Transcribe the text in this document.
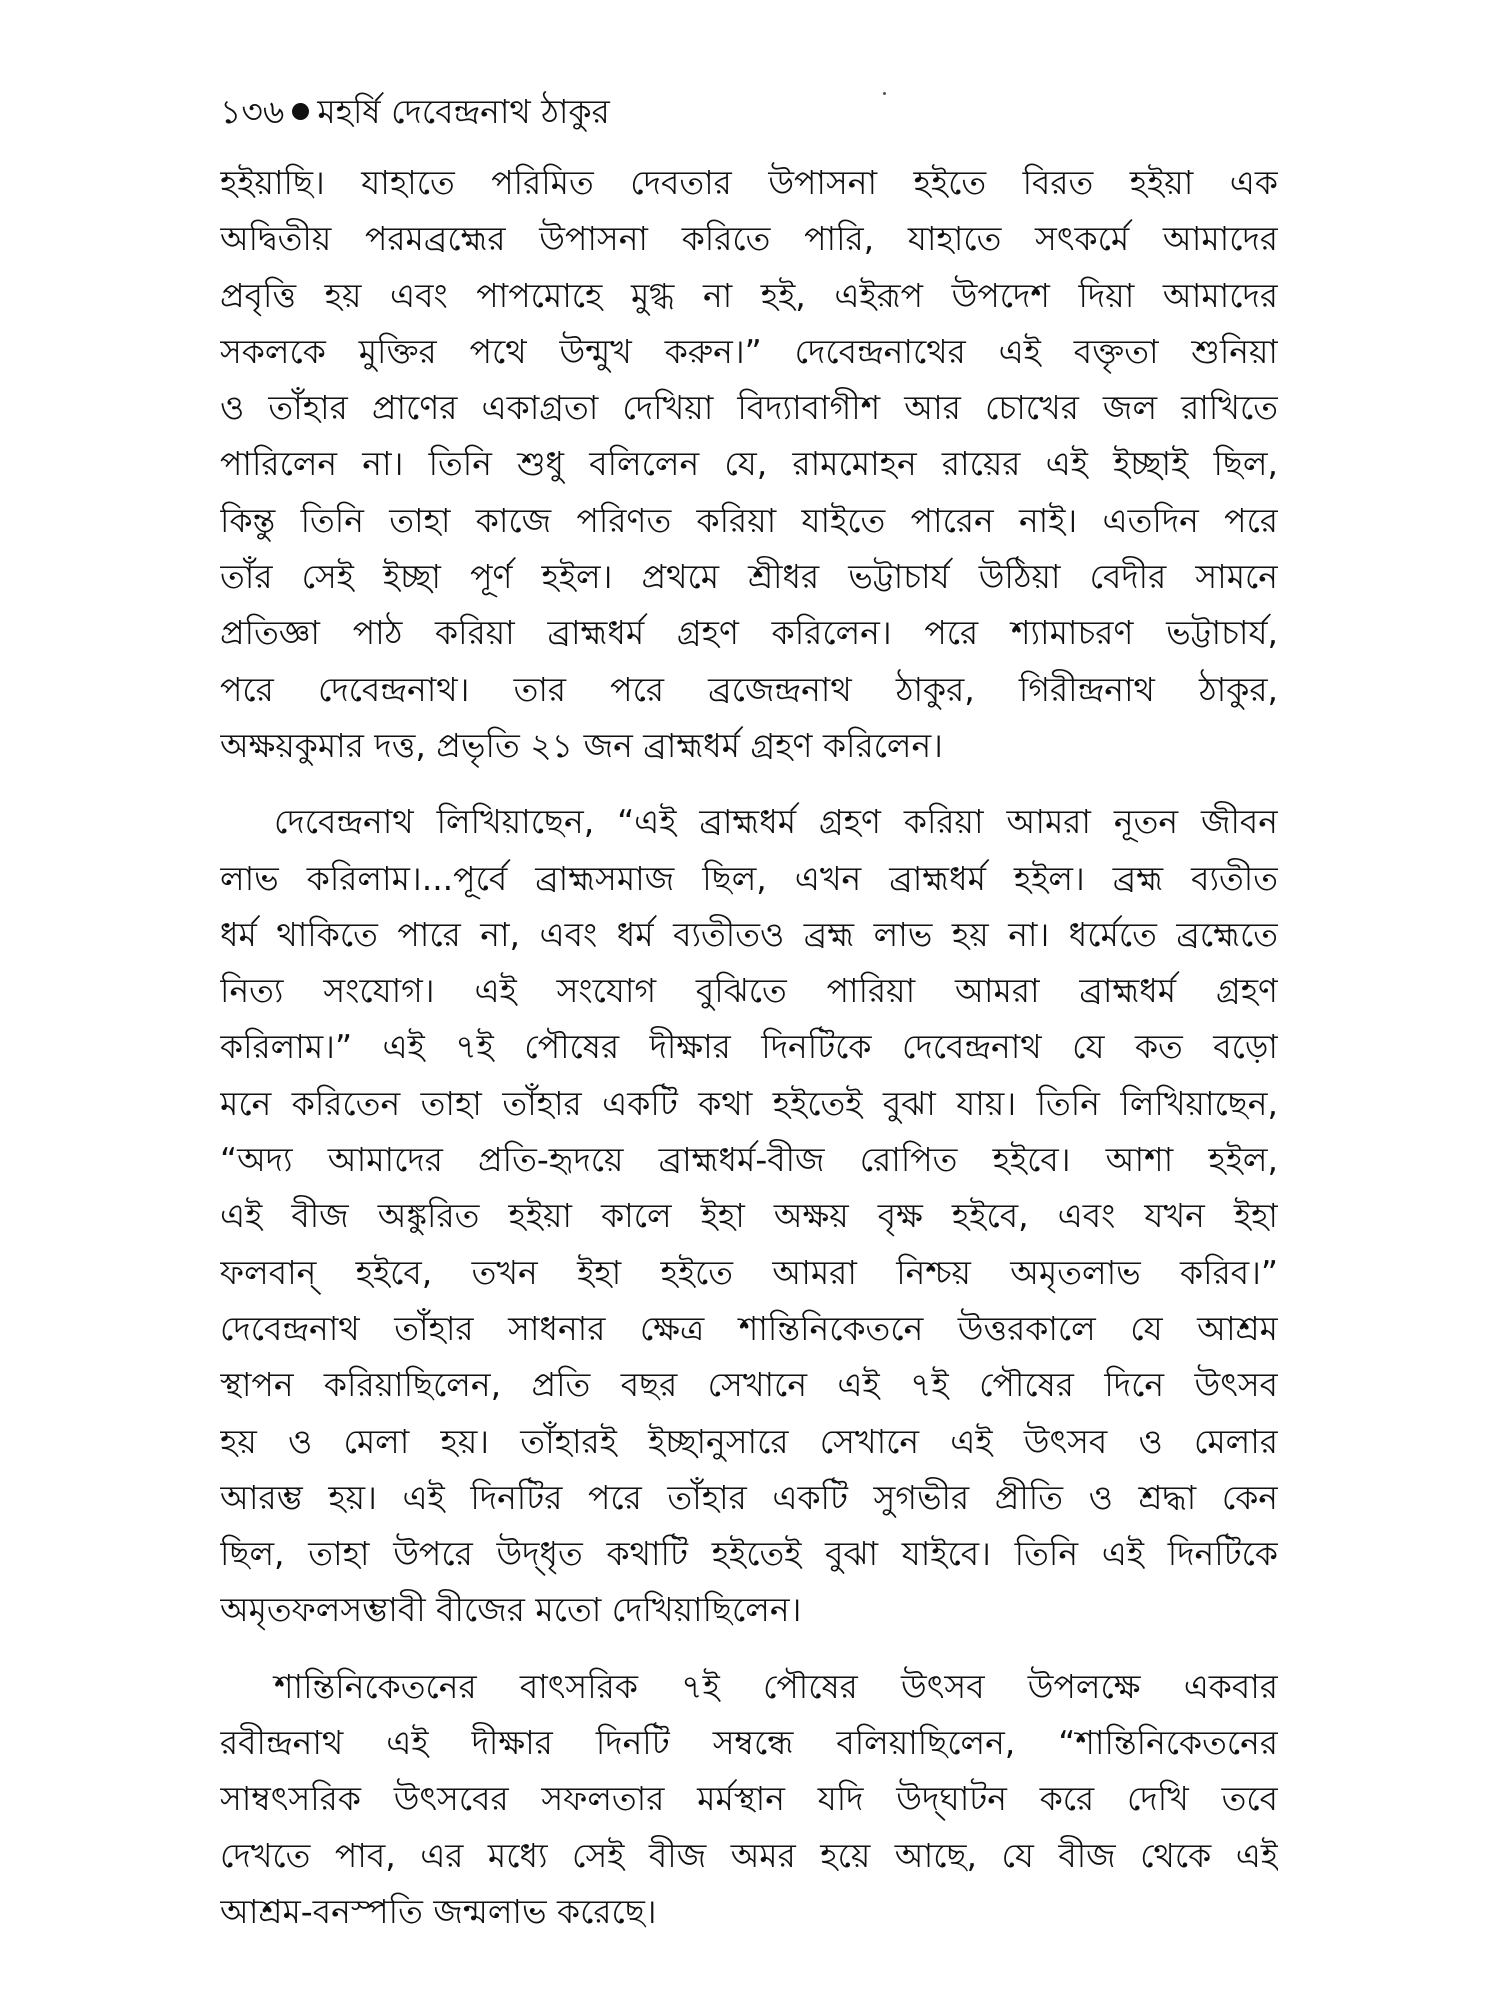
১৩৬ মহর্ষি দেবেন্দ্রনাথ ঠাকুর
হইয়াছি। যাহাতে পরিমিত দেবতার উপাসনা হইতে বিরত হইয়া এক
অদ্বিতীয় পরমব্রহ্মের উপাসনা করিতে পারি, যাহাতে সৎকর্মে আমাদের
প্রবৃত্তি হয় এবং পাপমোহে মুগ্ধ না হই, এইরূপ উপদেশ দিয়া আমাদের
সকলকে মুক্তির পথে উন্মুখ করুন।” দেবেন্দ্রনাথের এই বক্তৃতা শুনিয়া
ও তাঁহার প্রাণের একাগ্রতা দেখিয়া বিদ্যাবাগীশ আর চোখের জল রাখিতে
পারিলেন না। তিনি শুধু বলিলেন যে, রামমোহন রায়ের এই ইচ্ছাই ছিল,
কিন্তু তিনি তাহা কাজে পরিণত করিয়া যাইতে পারেন নাই। এতদিন পরে
তাঁর সেই ইচ্ছা পূর্ণ হইল। প্রথমে শ্রীধর ভট্টাচার্য উঠিয়া বেদীর সামনে
প্রতিজ্ঞা পাঠ করিয়া ব্রাহ্মধর্ম গ্রহণ করিলেন। পরে শ্যামাচরণ ভট্টাচার্য,
পরে দেবেন্দ্রনাথ। তার পরে ব্রজেন্দ্রনাথ ঠাকুর, গিরীন্দ্রনাথ ঠাকুর,
অক্ষয়কুমার দত্ত, প্রভৃতি ২১ জন ব্রাহ্মধর্ম গ্রহণ করিলেন।
দেবেন্দ্রনাথ লিখিয়াছেন, “এই ব্রাহ্মধর্ম গ্রহণ করিয়া আমরা নূতন জীবন
লাভ করিলাম।...পূর্বে ব্রাহ্মসমাজ ছিল, এখন ব্রাহ্মধর্ম হইল। ব্রহ্ম ব্যতীত
ধর্ম থাকিতে পারে না, এবং ধর্ম ব্যতীতও ব্রহ্ম লাভ হয় না। ধর্মেতে ব্রহ্মেতে
নিত্য সংযোগ। এই সংযোগ বুঝিতে পারিয়া আমরা ব্রাহ্মধর্ম গ্রহণ
করিলাম।” এই ৭ই পৌষের দীক্ষার দিনটিকে দেবেন্দ্রনাথ যে কত বড়ো
মনে করিতেন তাহা তাঁহার একটি কথা হইতেই বুঝা যায়। তিনি লিখিয়াছেন,
“অদ্য আমাদের প্রতি-হৃদয়ে ব্রাহ্মধর্ম-বীজ রোপিত হইবে। আশা হইল,
এই বীজ অঙ্কুরিত হইয়া কালে ইহা অক্ষয় বৃক্ষ হইবে, এবং যখন ইহা
ফলবান্ হইবে, তখন ইহা হইতে আমরা নিশ্চয় অমৃতলাভ করিব।”
দেবেন্দ্রনাথ তাঁহার সাধনার ক্ষেত্র শান্তিনিকেতনে উত্তরকালে যে আশ্রম
স্থাপন করিয়াছিলেন, প্রতি বছর সেখানে এই ৭ই পৌষের দিনে উৎসব
হয় ও মেলা হয়। তাঁহারই ইচ্ছানুসারে সেখানে এই উৎসব ও মেলার
আরম্ভ হয়। এই দিনটির পরে তাঁহার একটি সুগভীর প্রীতি ও শ্রদ্ধা কেন
ছিল, তাহা উপরে উদ্‌ধৃত কথাটি হইতেই বুঝা যাইবে। তিনি এই দিনটিকে
অমৃতফলসম্ভাবী বীজের মতো দেখিয়াছিলেন।
শান্তিনিকেতনের বাৎসরিক ৭ই পৌষের উৎসব উপলক্ষে একবার
রবীন্দ্রনাথ এই দীক্ষার দিনটি সম্বন্ধে বলিয়াছিলেন, “শান্তিনিকেতনের
সাম্বৎসরিক উৎসবের সফলতার মর্মস্থান যদি উদ্‌ঘাটন করে দেখি তবে
দেখতে পাব, এর মধ্যে সেই বীজ অমর হয়ে আছে, যে বীজ থেকে এই
আশ্রম-বনস্পতি জন্মলাভ করেছে।
